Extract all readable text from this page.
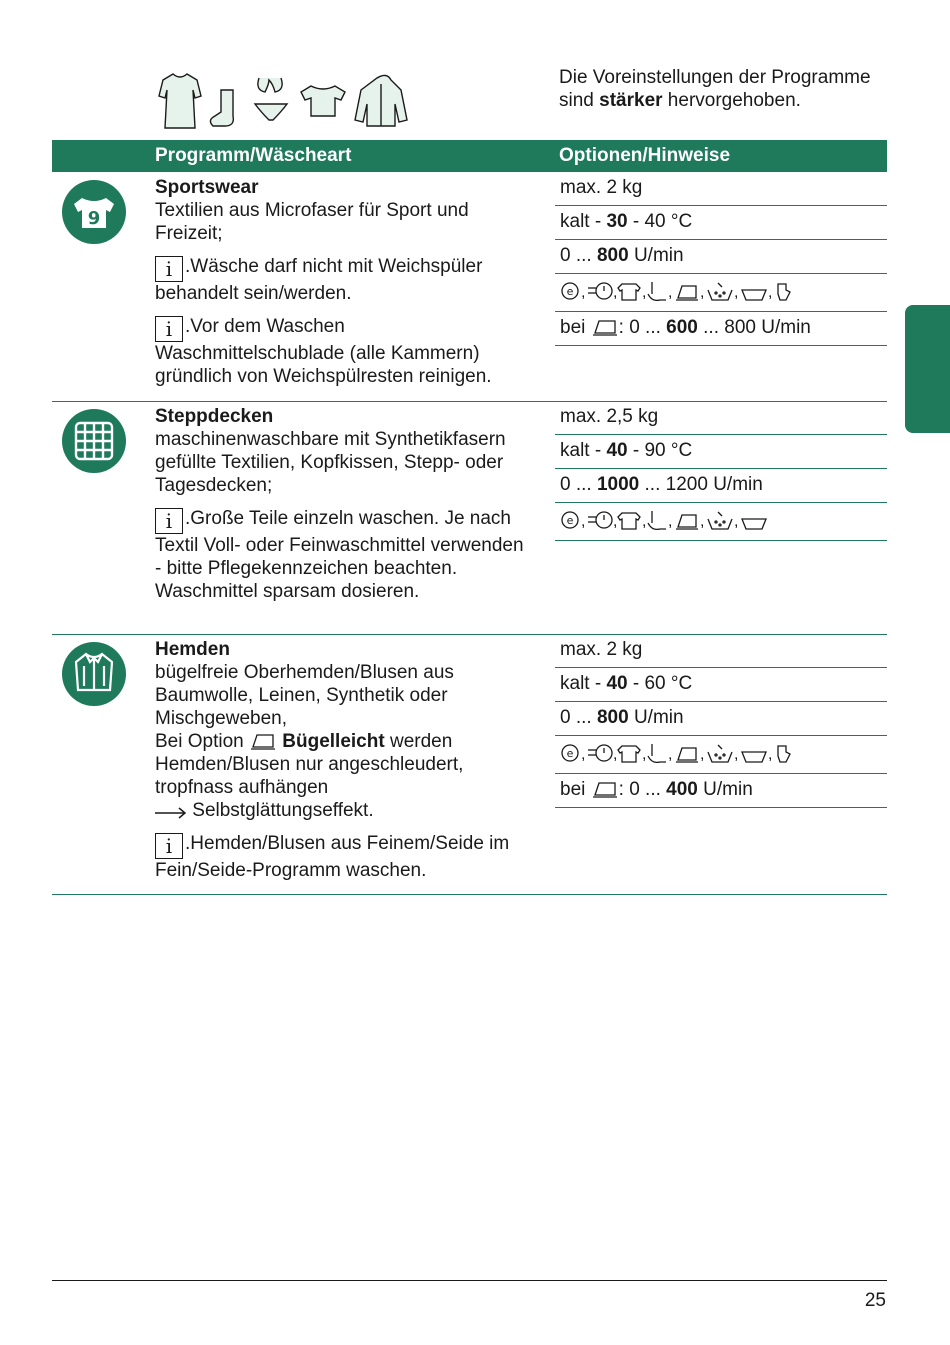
Die Voreinstellungen der Programme sind stärker hervorgehoben.
Programm/Wäscheart	Optionen/Hinweise
9
Sportswear
Textilien aus Microfaser für Sport und Freizeit;
i .Wäsche darf nicht mit Weichspüler behandelt sein/werden.
i .Vor dem Waschen Waschmittelschublade (alle Kammern) gründlich von Weichspülresten reinigen.
max. 2 kg
kalt - 30 - 40 °C
0 ... 800 U/min
e , , , , , , ,
bei
: 0 ... 600 ... 800 U/min
Steppdecken
maschinenwaschbare mit Synthetikfasern gefüllte Textilien, Kopfkissen, Stepp- oder Tagesdecken;
i .Große Teile einzeln waschen. Je nach Textil Voll- oder Feinwaschmittel verwenden - bitte Pflegekennzeichen beachten. Waschmittel sparsam dosieren.
max. 2,5 kg
kalt - 40 - 90 °C
0 ... 1000 ... 1200 U/min
e , , , , , ,
Hemden
bügelfreie Oberhemden/Blusen aus Baumwolle, Leinen, Synthetik oder Mischgeweben,
Bei Option
Bügelleicht werden Hemden/Blusen nur angeschleudert, tropfnass aufhängen
Selbstglättungseffekt.
i .Hemden/Blusen aus Feinem/Seide im Fein/Seide-Programm waschen.
max. 2 kg
kalt - 40 - 60 °C
0 ... 800 U/min
e , , , , , , ,
bei
: 0 ... 400 U/min
25
